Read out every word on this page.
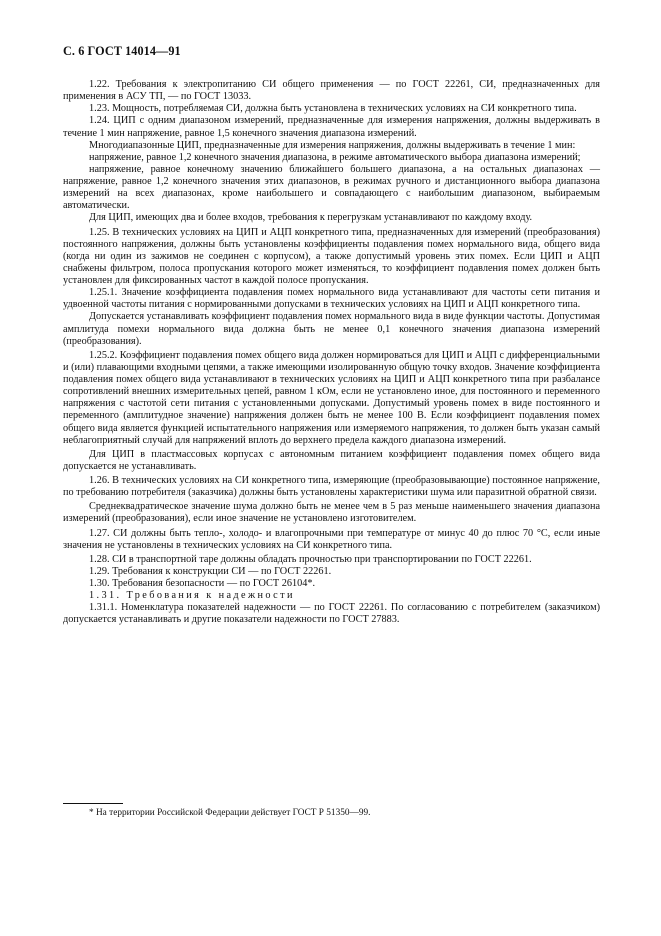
С. 6 ГОСТ 14014—91

1.22. Требования к электропитанию СИ общего применения — по ГОСТ 22261, СИ, предназначенных для применения в АСУ ТП, — по ГОСТ 13033.

1.23. Мощность, потребляемая СИ, должна быть установлена в технических условиях на СИ конкретного типа.

1.24. ЦИП с одним диапазоном измерений, предназначенные для измерения напряжения, должны выдерживать в течение 1 мин напряжение, равное 1,5 конечного значения диапазона измерений.

Многодиапазонные ЦИП, предназначенные для измерения напряжения, должны выдерживать в течение 1 мин:

напряжение, равное 1,2 конечного значения диапазона, в режиме автоматического выбора диапазона измерений;

напряжение, равное конечному значению ближайшего большего диапазона, а на остальных диапазонах — напряжение, равное 1,2 конечного значения этих диапазонов, в режимах ручного и дистанционного выбора диапазона измерений на всех диапазонах, кроме наибольшего и совпадающего с наибольшим диапазоном, выбираемым автоматически.

Для ЦИП, имеющих два и более входов, требования к перегрузкам устанавливают по каждому входу.

1.25. В технических условиях на ЦИП и АЦП конкретного типа, предназначенных для измерений (преобразования) постоянного напряжения, должны быть установлены коэффициенты подавления помех нормального вида, общего вида (когда ни один из зажимов не соединен с корпусом), а также допустимый уровень этих помех. Если ЦИП и АЦП снабжены фильтром, полоса пропускания которого может изменяться, то коэффициент подавления помех должен быть установлен для фиксированных частот в каждой полосе пропускания.

1.25.1. Значение коэффициента подавления помех нормального вида устанавливают для частоты сети питания и удвоенной частоты питания с нормированными допусками в технических условиях на ЦИП и АЦП конкретного типа.

Допускается устанавливать коэффициент подавления помех нормального вида в виде функции частоты. Допустимая амплитуда помехи нормального вида должна быть не менее 0,1 конечного значения диапазона измерений (преобразования).

1.25.2. Коэффициент подавления помех общего вида должен нормироваться для ЦИП и АЦП с дифференциальными и (или) плавающими входными цепями, а также имеющими изолированную общую точку входов. Значение коэффициента подавления помех общего вида устанавливают в технических условиях на ЦИП и АЦП конкретного типа при разбалансе сопротивлений внешних измерительных цепей, равном 1 кОм, если не установлено иное, для постоянного и переменного напряжения с частотой сети питания с установленными допусками. Допустимый уровень помех в виде постоянного и переменного (амплитудное значение) напряжения должен быть не менее 100 В. Если коэффициент подавления помех общего вида является функцией испытательного напряжения или измеряемого напряжения, то должен быть указан самый неблагоприятный случай для напряжений вплоть до верхнего предела каждого диапазона измерений.

Для ЦИП в пластмассовых корпусах с автономным питанием коэффициент подавления помех общего вида допускается не устанавливать.

1.26. В технических условиях на СИ конкретного типа, измеряющие (преобразовывающие) постоянное напряжение, по требованию потребителя (заказчика) должны быть установлены характеристики шума или паразитной обратной связи.

Среднеквадратическое значение шума должно быть не менее чем в 5 раз меньше наименьшего значения диапазона измерений (преобразования), если иное значение не установлено изготовителем.

1.27. СИ должны быть тепло-, холодо- и влагопрочными при температуре от минус 40 до плюс 70 °С, если иные значения не установлены в технических условиях на СИ конкретного типа.

1.28. СИ в транспортной таре должны обладать прочностью при транспортировании по ГОСТ 22261.

1.29. Требования к конструкции СИ — по ГОСТ 22261.

1.30. Требования безопасности — по ГОСТ 26104*.

1.31. Требования к надежности

1.31.1. Номенклатура показателей надежности — по ГОСТ 22261. По согласованию с потребителем (заказчиком) допускается устанавливать и другие показатели надежности по ГОСТ 27883.

* На территории Российской Федерации действует ГОСТ Р 51350—99.
